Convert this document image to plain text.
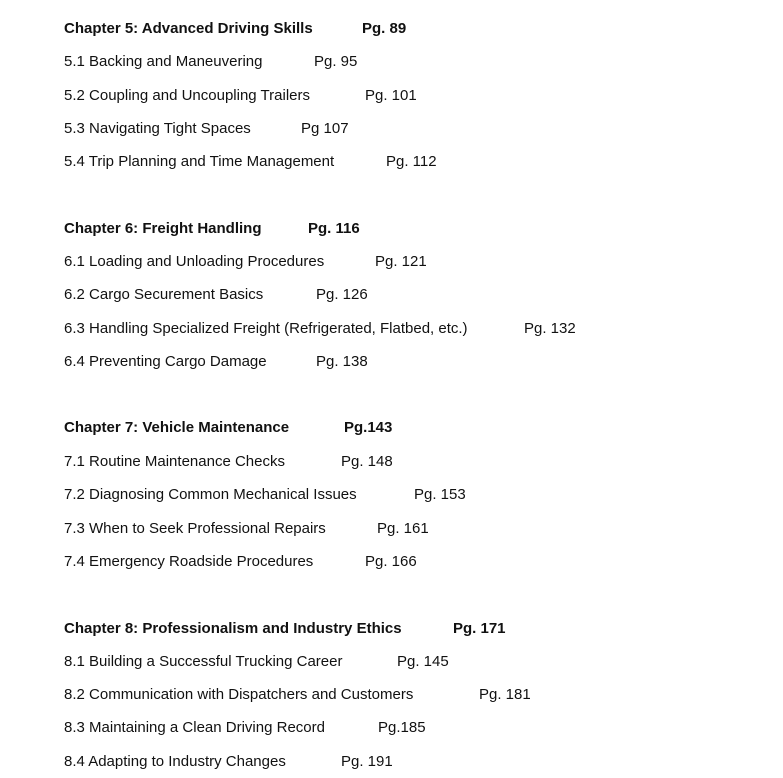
Chapter 5: Advanced Driving Skills	Pg. 89
5.1 Backing and Maneuvering	Pg. 95
5.2 Coupling and Uncoupling Trailers	Pg. 101
5.3 Navigating Tight Spaces	Pg 107
5.4 Trip Planning and Time Management	Pg. 112
Chapter 6: Freight Handling	Pg. 116
6.1 Loading and Unloading Procedures	Pg. 121
6.2 Cargo Securement Basics	Pg. 126
6.3 Handling Specialized Freight (Refrigerated, Flatbed, etc.)	Pg. 132
6.4 Preventing Cargo Damage	Pg. 138
Chapter 7: Vehicle Maintenance	Pg.143
7.1 Routine Maintenance Checks	Pg. 148
7.2 Diagnosing Common Mechanical Issues	Pg. 153
7.3 When to Seek Professional Repairs	Pg. 161
7.4 Emergency Roadside Procedures	Pg. 166
Chapter 8: Professionalism and Industry Ethics	Pg. 171
8.1 Building a Successful Trucking Career	Pg. 145
8.2 Communication with Dispatchers and Customers	Pg. 181
8.3 Maintaining a Clean Driving Record	Pg.185
8.4 Adapting to Industry Changes	Pg. 191
